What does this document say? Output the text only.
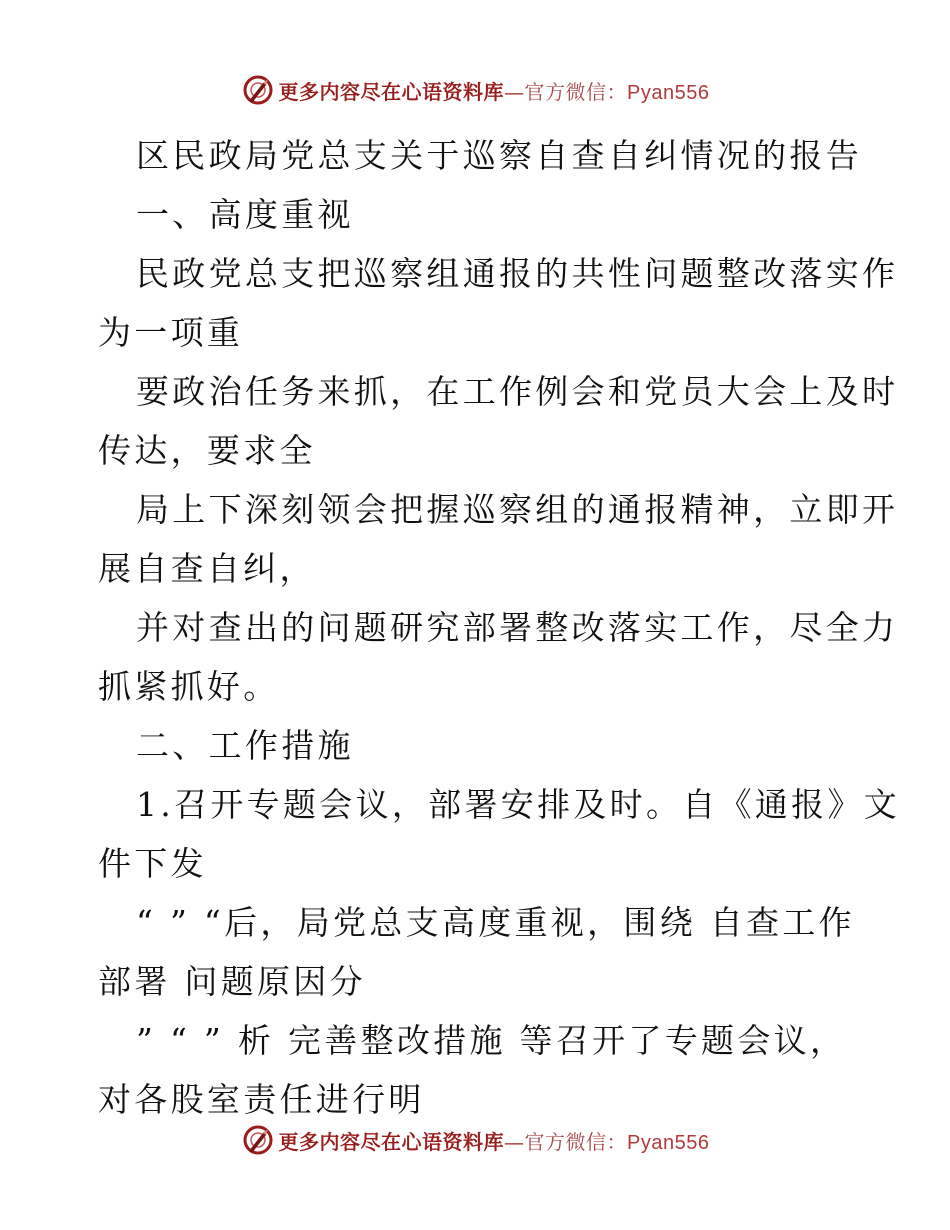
更多内容尽在心语资料库—官方微信：Pyan556
区民政局党总支关于巡察自查自纠情况的报告
一、高度重视
民政党总支把巡察组通报的共性问题整改落实作
为一项重
要政治任务来抓，在工作例会和党员大会上及时
传达，要求全
局上下深刻领会把握巡察组的通报精神，立即开
展自查自纠，
并对查出的问题研究部署整改落实工作，尽全力
抓紧抓好。
二、工作措施
1.召开专题会议，部署安排及时。自《通报》文
件下发
“ ” “后，局党总支高度重视，围绕 自查工作
部署 问题原因分
” “ ” 析 完善整改措施 等召开了专题会议，
对各股室责任进行明
更多内容尽在心语资料库—官方微信：Pyan556
